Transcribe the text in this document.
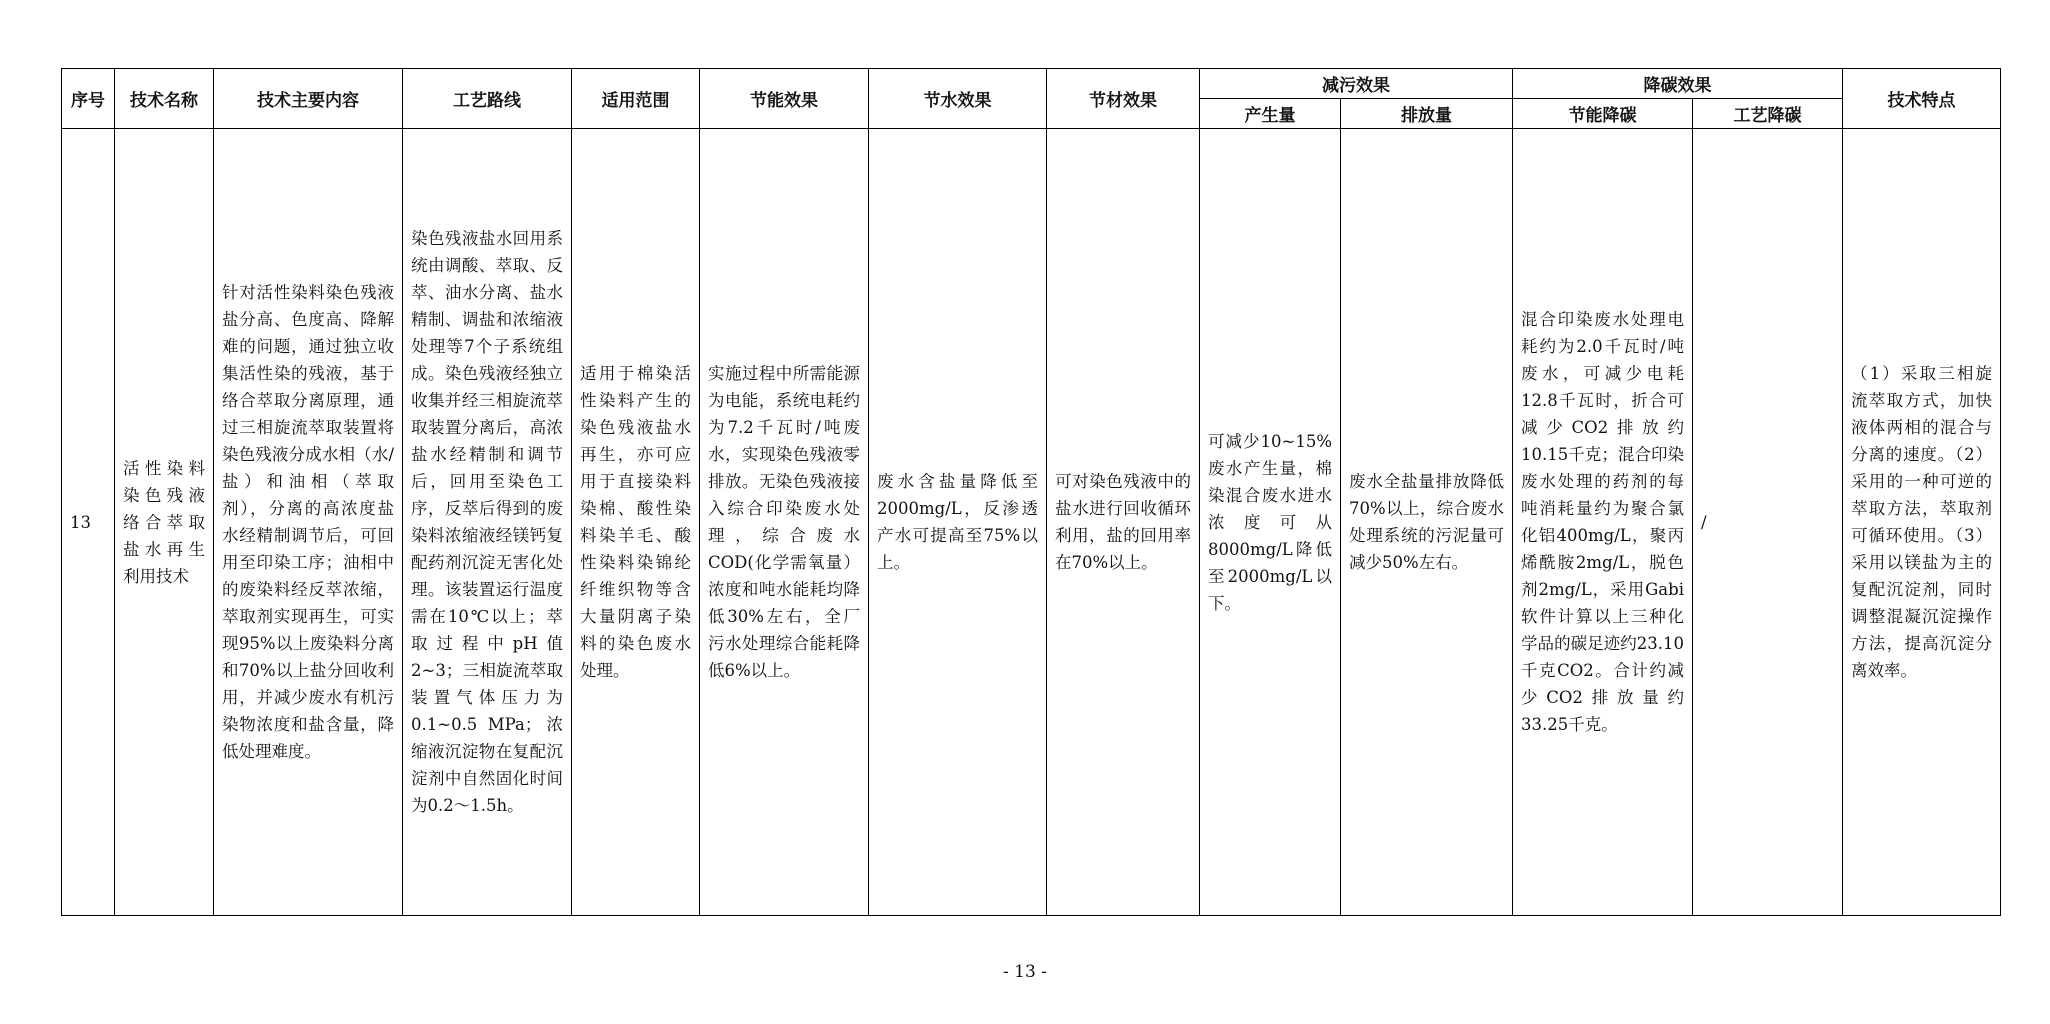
序号	技术名称	技术主要内容	工艺路线	适用范围	节能效果	节水效果	节材效果	减污效果		降碳效果		技术特点
								产生量	排放量	节能降碳	工艺降碳	
13	活性染料染色残液络合萃取盐水再生利用技术	针对活性染料染色残液盐分高、色度高、降解难的问题，通过独立收集活性染的残液，基于络合萃取分离原理，通过三相旋流萃取装置将染色残液分成水相（水/盐）和油相（萃取剂），分离的高浓度盐水经精制调节后，可回用至印染工序；油相中的废染料经反萃浓缩，萃取剂实现再生，可实现95%以上废染料分离和70%以上盐分回收利用，并减少废水有机污染物浓度和盐含量，降低处理难度。	染色残液盐水回用系统由调酸、萃取、反萃、油水分离、盐水精制、调盐和浓缩液处理等7个子系统组成。染色残液经独立收集并经三相旋流萃取装置分离后，高浓盐水经精制和调节后，回用至染色工序，反萃后得到的废染料浓缩液经镁钙复配药剂沉淀无害化处理。该装置运行温度需在10℃以上；萃取过程中pH值2~3；三相旋流萃取装置气体压力为0.1~0.5 MPa；浓缩液沉淀物在复配沉淀剂中自然固化时间为0.2～1.5h。	适用于棉染活性染料产生的染色残液盐水再生，亦可应用于直接染料染棉、酸性染料染羊毛、酸性染料染锦纶纤维织物等含大量阴离子染料的染色废水处理。	实施过程中所需能源为电能，系统电耗约为7.2千瓦时/吨废水，实现染色残液零排放。无染色残液接入综合印染废水处理，综合废水COD(化学需氧量）浓度和吨水能耗均降低30%左右，全厂污水处理综合能耗降低6%以上。	废水含盐量降低至2000mg/L，反渗透产水可提高至75%以上。	可对染色残液中的盐水进行回收循环利用，盐的回用率在70%以上。	可减少10~15%废水产生量，棉染混合废水进水浓度可从8000mg/L降低至2000mg/L以下。	废水全盐量排放降低70%以上，综合废水处理系统的污泥量可减少50%左右。	混合印染废水处理电耗约为2.0千瓦时/吨废水，可减少电耗12.8千瓦时，折合可减少CO2排放约10.15千克；混合印染废水处理的药剂的每吨消耗量约为聚合氯化铝400mg/L，聚丙烯酰胺2mg/L，脱色剂2mg/L，采用Gabi软件计算以上三种化学品的碳足迹约23.10千克CO2。合计约减少CO2排放量约33.25千克。	/	（1）采取三相旋流萃取方式，加快液体两相的混合与分离的速度。（2）采用的一种可逆的萃取方法，萃取剂可循环使用。（3）采用以镁盐为主的复配沉淀剂，同时调整混凝沉淀操作方法，提高沉淀分离效率。
- 13 -
